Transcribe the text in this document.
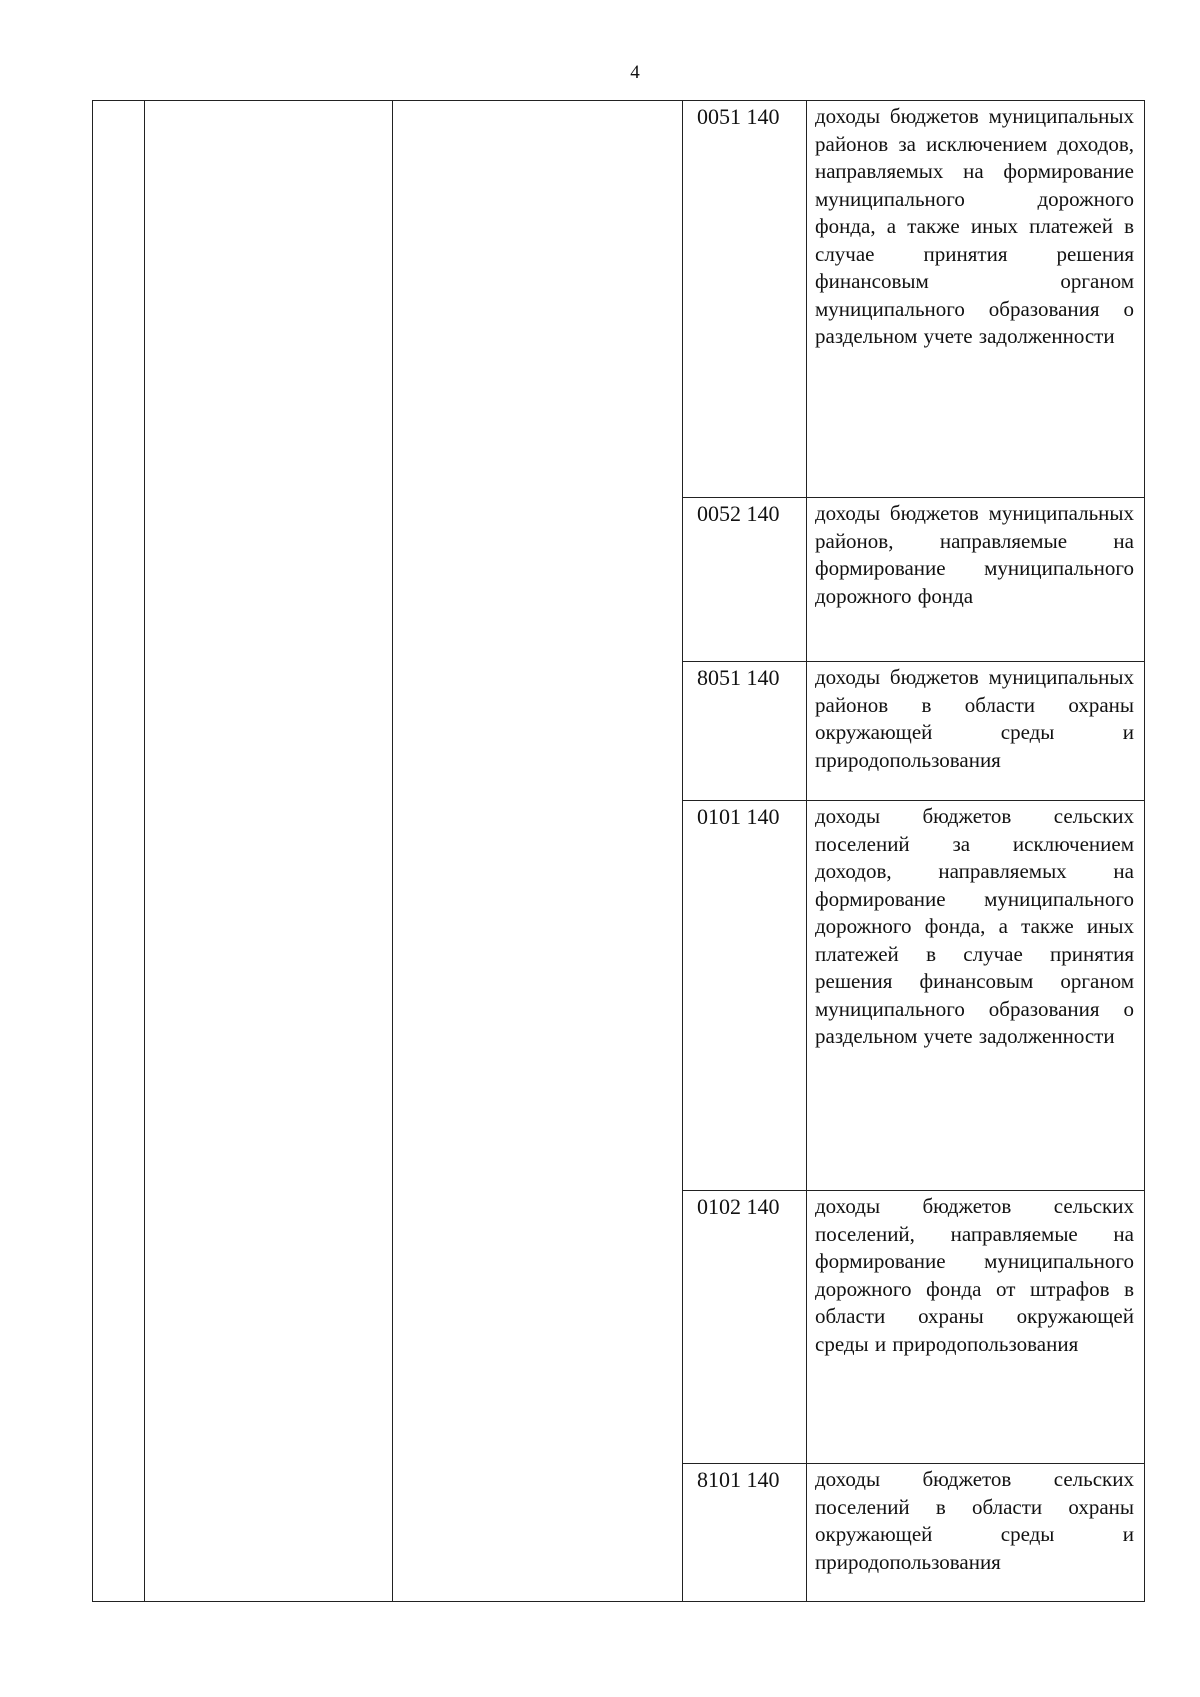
4
			0051 140	доходы бюджетов муниципальных районов за исключением доходов, направляемых на формирование муниципального дорожного фонда, а также иных платежей в случае принятия решения финансовым органом муниципального образования о раздельном учете задолженности

			0052 140	доходы бюджетов муниципальных районов, направляемые на формирование муниципального дорожного фонда

			8051 140	доходы бюджетов муниципальных районов в области охраны окружающей среды и природопользования

			0101 140	доходы бюджетов сельских поселений за исключением доходов, направляемых на формирование муниципального дорожного фонда, а также иных платежей в случае принятия решения финансовым органом муниципального образования о раздельном учете задолженности

			0102 140	доходы бюджетов сельских поселений, направляемые на формирование муниципального дорожного фонда от штрафов в области охраны окружающей среды и природопользования

			8101 140	доходы бюджетов сельских поселений в области охраны окружающей среды и природопользования
